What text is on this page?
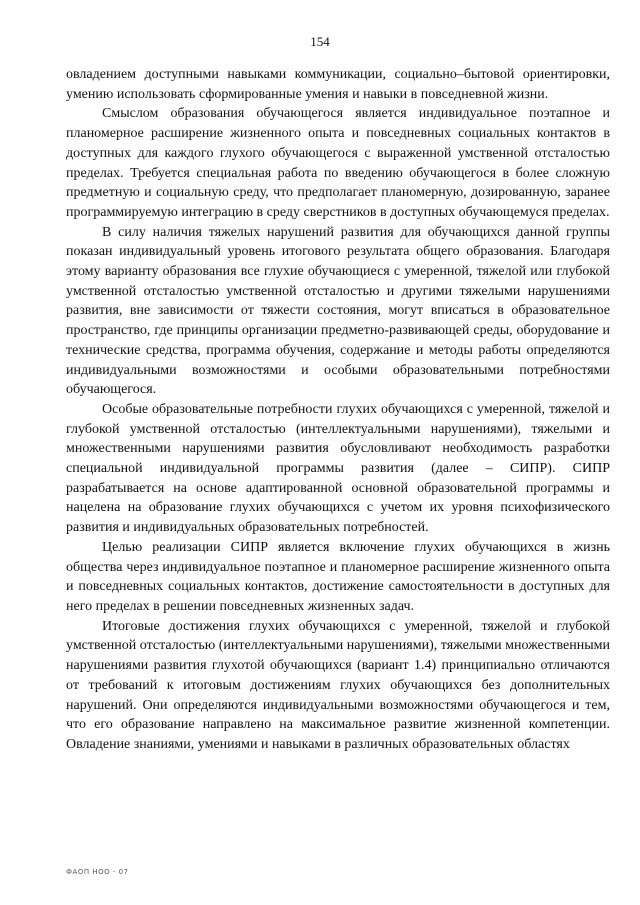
154

овладением доступными навыками коммуникации, социально–бытовой ориентировки, умению использовать сформированные умения и навыки в повседневной жизни.

Смыслом образования обучающегося является индивидуальное поэтапное и планомерное расширение жизненного опыта и повседневных социальных контактов в доступных для каждого глухого обучающегося с выраженной умственной отсталостью пределах. Требуется специальная работа по введению обучающегося в более сложную предметную и социальную среду, что предполагает планомерную, дозированную, заранее программируемую интеграцию в среду сверстников в доступных обучающемуся пределах.

В силу наличия тяжелых нарушений развития для обучающихся данной группы показан индивидуальный уровень итогового результата общего образования. Благодаря этому варианту образования все глухие обучающиеся с умеренной, тяжелой или глубокой умственной отсталостью умственной отсталостью и другими тяжелыми нарушениями развития, вне зависимости от тяжести состояния, могут вписаться в образовательное пространство, где принципы организации предметно-развивающей среды, оборудование и технические средства, программа обучения, содержание и методы работы определяются индивидуальными возможностями и особыми образовательными потребностями обучающегося.

Особые образовательные потребности глухих обучающихся с умеренной, тяжелой и глубокой умственной отсталостью (интеллектуальными нарушениями), тяжелыми и множественными нарушениями развития обусловливают необходимость разработки специальной индивидуальной программы развития (далее – СИПР). СИПР разрабатывается на основе адаптированной основной образовательной программы и нацелена на образование глухих обучающихся с учетом их уровня психофизического развития и индивидуальных образовательных потребностей.

Целью реализации СИПР является включение глухих обучающихся в жизнь общества через индивидуальное поэтапное и планомерное расширение жизненного опыта и повседневных социальных контактов, достижение самостоятельности в доступных для него пределах в решении повседневных жизненных задач.

Итоговые достижения глухих обучающихся с умеренной, тяжелой и глубокой умственной отсталостью (интеллектуальными нарушениями), тяжелыми множественными нарушениями развития глухотой обучающихся (вариант 1.4) принципиально отличаются от требований к итоговым достижениям глухих обучающихся без дополнительных нарушений. Они определяются индивидуальными возможностями обучающегося и тем, что его образование направлено на максимальное развитие жизненной компетенции. Овладение знаниями, умениями и навыками в различных образовательных областях

ФАОП НОО - 07
